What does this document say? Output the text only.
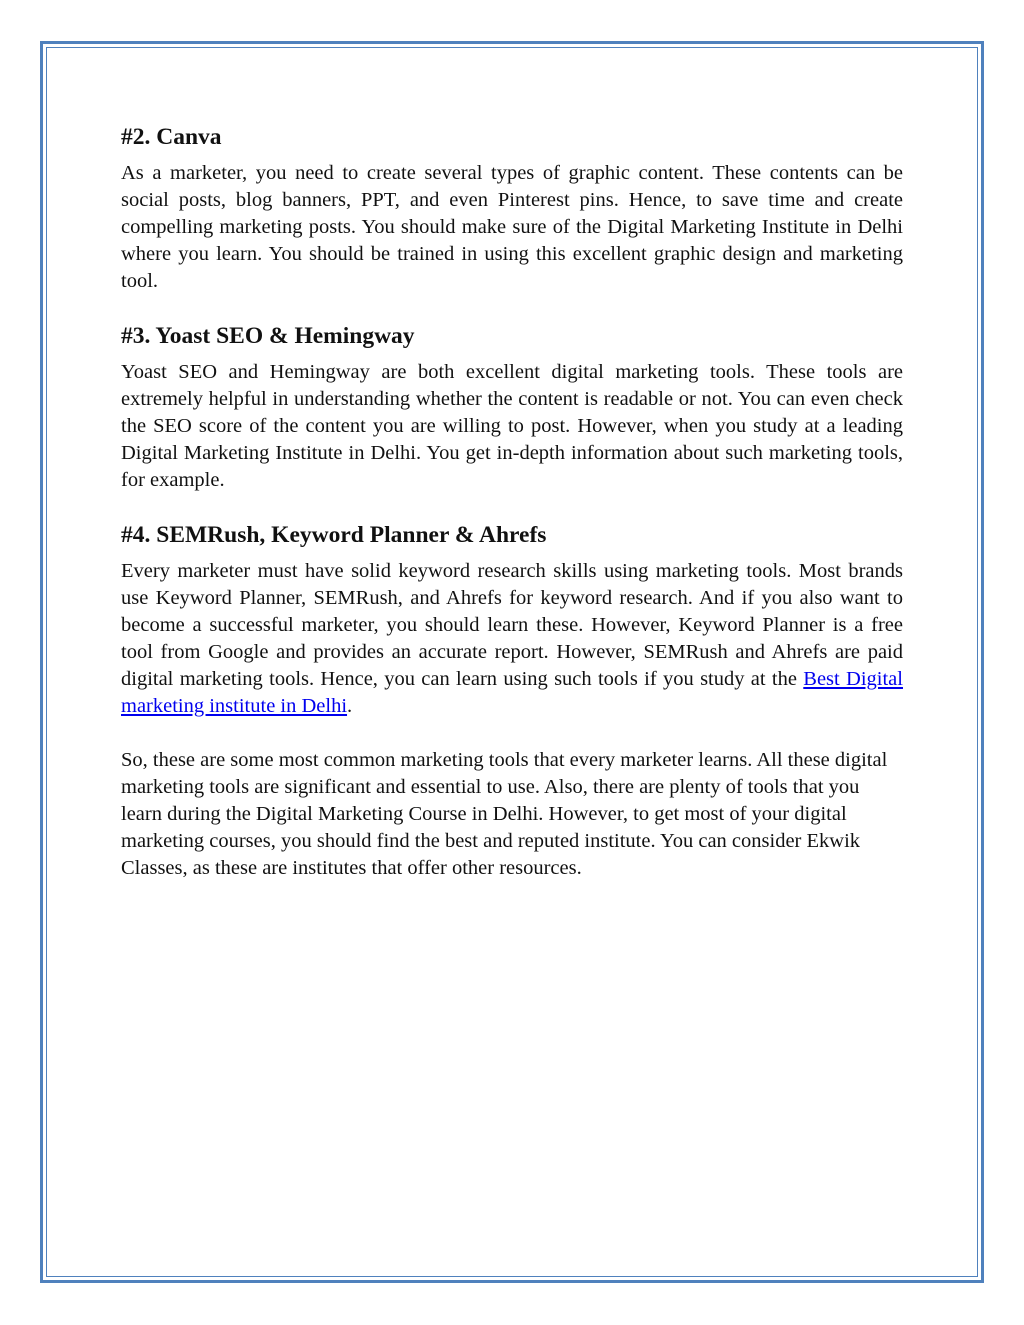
#2. Canva

As a marketer, you need to create several types of graphic content. These contents can be social posts, blog banners, PPT, and even Pinterest pins. Hence, to save time and create compelling marketing posts. You should make sure of the Digital Marketing Institute in Delhi where you learn. You should be trained in using this excellent graphic design and marketing tool.

#3. Yoast SEO & Hemingway

Yoast SEO and Hemingway are both excellent digital marketing tools. These tools are extremely helpful in understanding whether the content is readable or not. You can even check the SEO score of the content you are willing to post. However, when you study at a leading Digital Marketing Institute in Delhi. You get in-depth information about such marketing tools, for example.

#4. SEMRush, Keyword Planner & Ahrefs

Every marketer must have solid keyword research skills using marketing tools. Most brands use Keyword Planner, SEMRush, and Ahrefs for keyword research. And if you also want to become a successful marketer, you should learn these. However, Keyword Planner is a free tool from Google and provides an accurate report. However, SEMRush and Ahrefs are paid digital marketing tools. Hence, you can learn using such tools if you study at the Best Digital marketing institute in Delhi.

So, these are some most common marketing tools that every marketer learns. All these digital marketing tools are significant and essential to use. Also, there are plenty of tools that you learn during the Digital Marketing Course in Delhi. However, to get most of your digital marketing courses, you should find the best and reputed institute. You can consider Ekwik Classes, as these are institutes that offer other resources.
